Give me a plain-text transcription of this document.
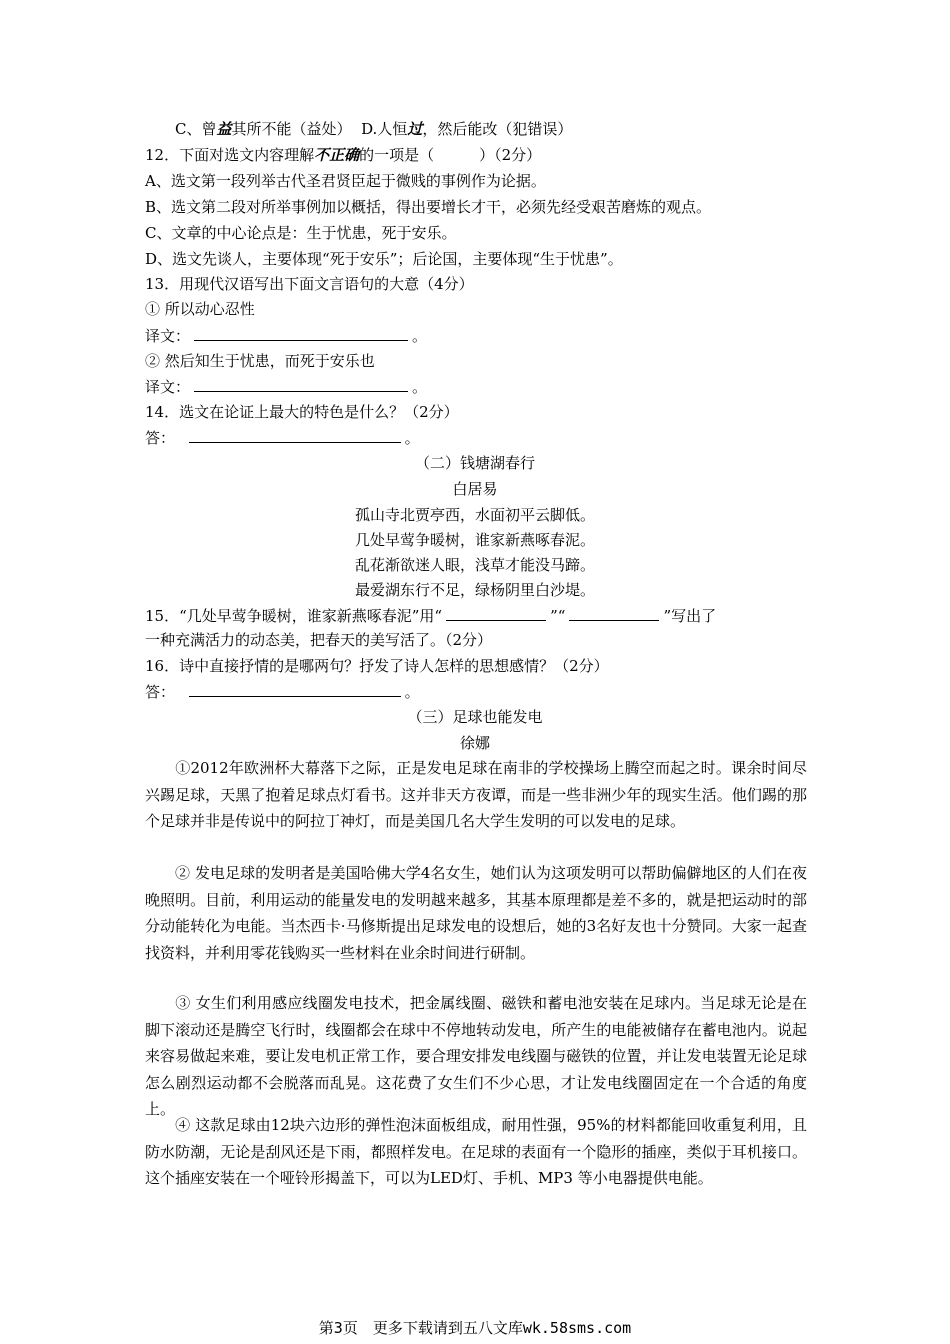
C、曾益其所不能（益处） D.人恒过，然后能改（犯错误）
12．下面对选文内容理解不正确的一项是（　　　）（2分）
A、选文第一段列举古代圣君贤臣起于微贱的事例作为论据。
B、选文第二段对所举事例加以概括，得出要增长才干，必须先经受艰苦磨炼的观点。
C、文章的中心论点是：生于忧患，死于安乐。
D、选文先谈人，主要体现“死于安乐”；后论国，主要体现“生于忧患”。
13．用现代汉语写出下面文言语句的大意（4分）
① 所以动心忍性
译文：	。
② 然后知生于忧患，而死于安乐也
译文：	。
14．选文在论证上最大的特色是什么？（2分）
答：	。
（二）钱塘湖春行
白居易
孤山寺北贾亭西，水面初平云脚低。
几处早莺争暖树，谁家新燕啄春泥。
乱花渐欲迷人眼，浅草才能没马蹄。
最爱湖东行不足，绿杨阴里白沙堤。
15．“几处早莺争暖树，谁家新燕啄春泥”用“	”“	”写出了
一种充满活力的动态美，把春天的美写活了。（2分）
16．诗中直接抒情的是哪两句？抒发了诗人怎样的思想感情？（2分）
答：	。
（三）足球也能发电
徐娜
①2012年欧洲杯大幕落下之际，正是发电足球在南非的学校操场上腾空而起之时。课余时间尽兴踢足球，天黑了抱着足球点灯看书。这并非天方夜谭，而是一些非洲少年的现实生活。他们踢的那个足球并非是传说中的阿拉丁神灯，而是美国几名大学生发明的可以发电的足球。
② 发电足球的发明者是美国哈佛大学4名女生，她们认为这项发明可以帮助偏僻地区的人们在夜晚照明。目前，利用运动的能量发电的发明越来越多，其基本原理都是差不多的，就是把运动时的部分动能转化为电能。当杰西卡·马修斯提出足球发电的设想后，她的3名好友也十分赞同。大家一起查找资料，并利用零花钱购买一些材料在业余时间进行研制。
③ 女生们利用感应线圈发电技术，把金属线圈、磁铁和蓄电池安装在足球内。当足球无论是在脚下滚动还是腾空飞行时，线圈都会在球中不停地转动发电，所产生的电能被储存在蓄电池内。说起来容易做起来难，要让发电机正常工作，要合理安排发电线圈与磁铁的位置，并让发电装置无论足球怎么剧烈运动都不会脱落而乱晃。这花费了女生们不少心思，才让发电线圈固定在一个合适的角度上。
④ 这款足球由12块六边形的弹性泡沫面板组成，耐用性强，95%的材料都能回收重复利用，且防水防潮，无论是刮风还是下雨，都照样发电。在足球的表面有一个隐形的插座，类似于耳机接口。这个插座安装在一个哑铃形揭盖下，可以为LED灯、手机、MP3 等小电器提供电能。
第3页　更多下载请到五八文库wk.58sms.com
